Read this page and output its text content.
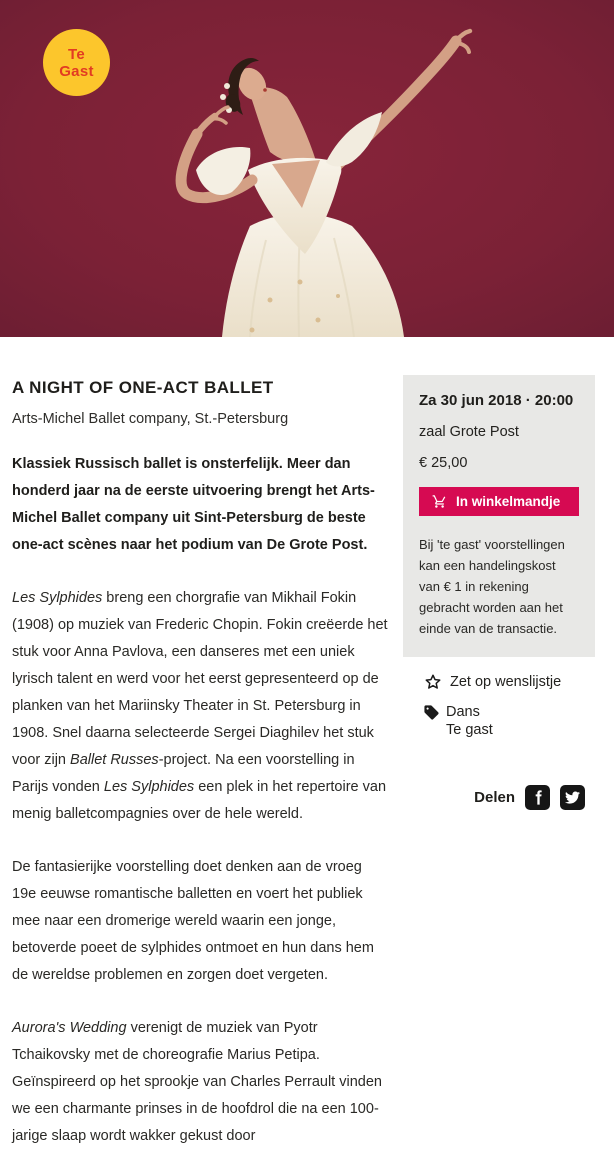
Te
Gast
A NIGHT OF ONE-ACT BALLET

Arts-Michel Ballet company, St.-Petersburg

Klassiek Russisch ballet is onsterfelijk. Meer dan honderd jaar na de eerste uitvoering brengt het Arts-Michel Ballet company uit Sint-Petersburg de beste one-act scènes naar het podium van De Grote Post.

Les Sylphides breng een chorgrafie van Mikhail Fokin (1908) op muziek van Frederic Chopin. Fokin creëerde het stuk voor Anna Pavlova, een danseres met een uniek lyrisch talent en werd voor het eerst gepresenteerd op de planken van het Mariinsky Theater in St. Petersburg in 1908. Snel daarna selecteerde Sergei Diaghilev het stuk voor zijn Ballet Russes-project. Na een voorstelling in Parijs vonden Les Sylphides een plek in het repertoire van menig balletcompagnies over de hele wereld.

De fantasierijke voorstelling doet denken aan de vroeg 19e eeuwse romantische balletten en voert het publiek mee naar een dromerige wereld waarin een jonge, betoverde poeet de sylphides ontmoet en hun dans hem de wereldse problemen en zorgen doet vergeten.

Aurora's Wedding verenigt de muziek van Pyotr Tchaikovsky met de choreografie Marius Petipa. Geïnspireerd op het sprookje van Charles Perrault vinden we een charmante prinses in de hoofdrol die na een 100-jarige slaap wordt wakker gekust door

Za 30 jun 2018 · 20:00
zaal Grote Post
€ 25,00
In winkelmandje

Bij 'te gast' voorstellingen kan een handelingskost van € 1 in rekening gebracht worden aan het einde van de transactie.

Zet op wenslijstje
Dans
Te gast
Delen
